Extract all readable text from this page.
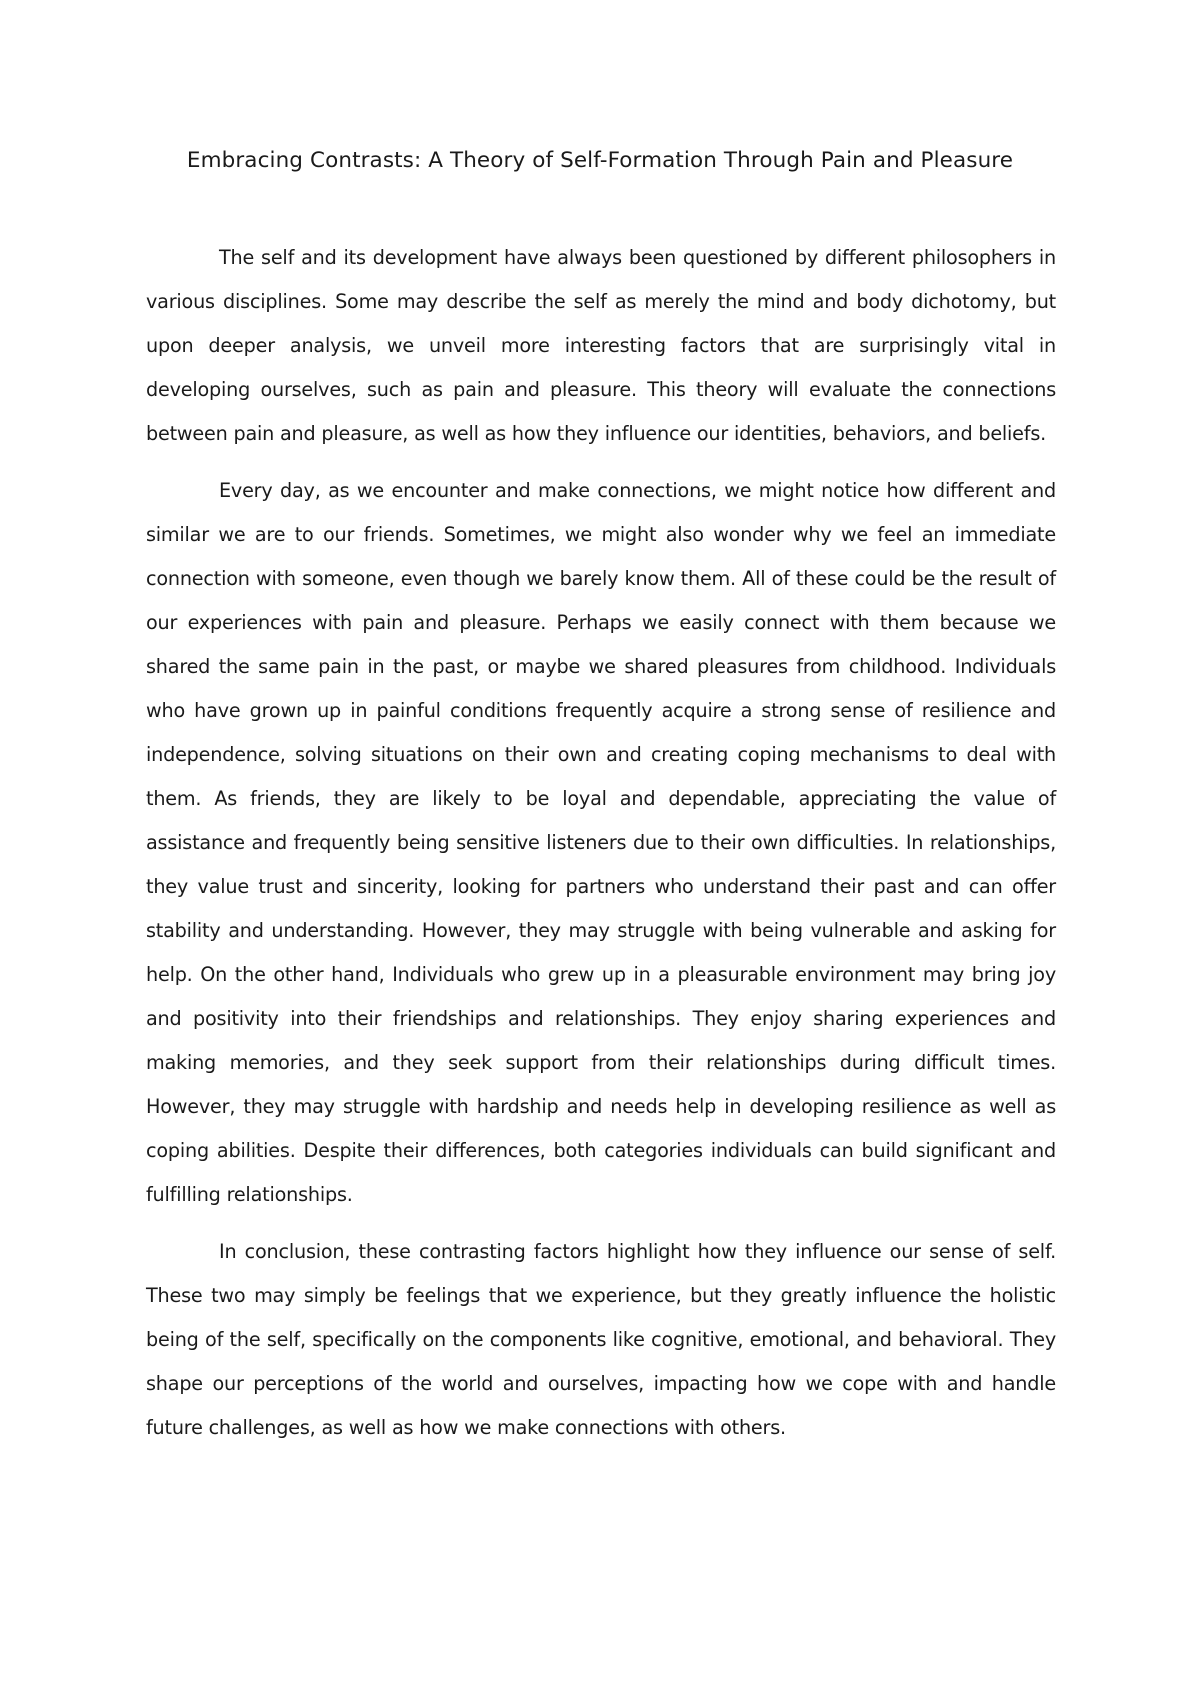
Embracing Contrasts: A Theory of Self-Formation Through Pain and Pleasure

The self and its development have always been questioned by different philosophers in various disciplines. Some may describe the self as merely the mind and body dichotomy, but upon deeper analysis, we unveil more interesting factors that are surprisingly vital in developing ourselves, such as pain and pleasure. This theory will evaluate the connections between pain and pleasure, as well as how they influence our identities, behaviors, and beliefs.

Every day, as we encounter and make connections, we might notice how different and similar we are to our friends. Sometimes, we might also wonder why we feel an immediate connection with someone, even though we barely know them. All of these could be the result of our experiences with pain and pleasure. Perhaps we easily connect with them because we shared the same pain in the past, or maybe we shared pleasures from childhood. Individuals who have grown up in painful conditions frequently acquire a strong sense of resilience and independence, solving situations on their own and creating coping mechanisms to deal with them. As friends, they are likely to be loyal and dependable, appreciating the value of assistance and frequently being sensitive listeners due to their own difficulties. In relationships, they value trust and sincerity, looking for partners who understand their past and can offer stability and understanding. However, they may struggle with being vulnerable and asking for help. On the other hand, Individuals who grew up in a pleasurable environment may bring joy and positivity into their friendships and relationships. They enjoy sharing experiences and making memories, and they seek support from their relationships during difficult times. However, they may struggle with hardship and needs help in developing resilience as well as coping abilities. Despite their differences, both categories individuals can build significant and fulfilling relationships.

In conclusion, these contrasting factors highlight how they influence our sense of self. These two may simply be feelings that we experience, but they greatly influence the holistic being of the self, specifically on the components like cognitive, emotional, and behavioral. They shape our perceptions of the world and ourselves, impacting how we cope with and handle future challenges, as well as how we make connections with others.
